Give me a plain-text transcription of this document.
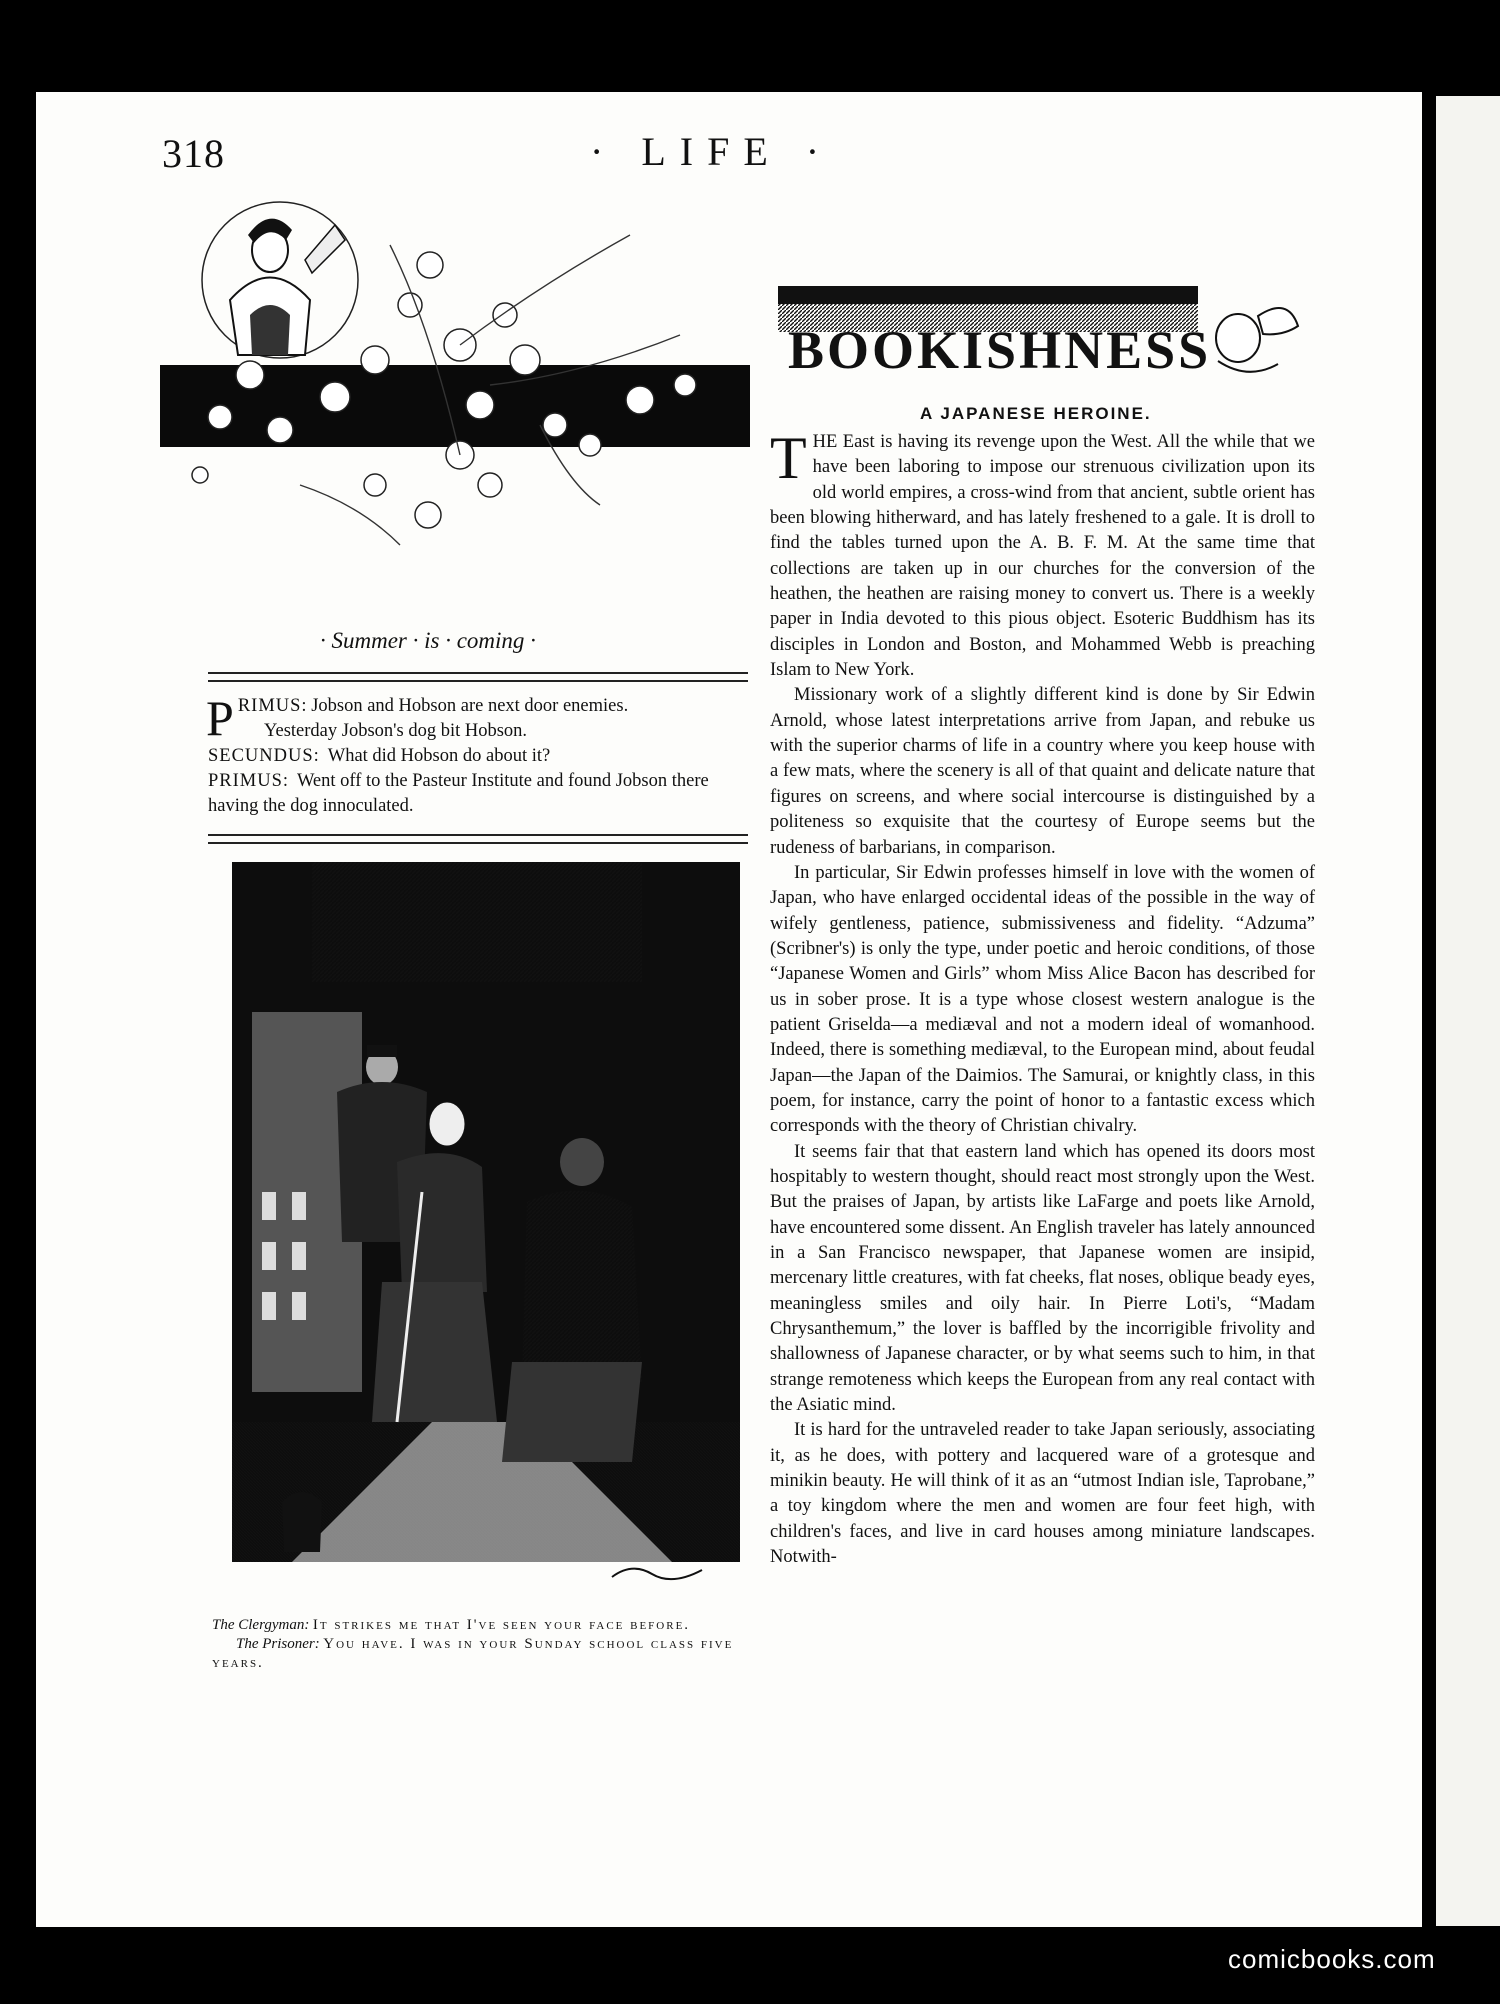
318	· LIFE ·
· Summer · is · coming ·

PRIMUS: Jobson and Hobson are next door enemies.

Yesterday Jobson's dog bit Hobson.

SECUNDUS:  What did Hobson do about it?

PRIMUS:  Went off to the Pasteur Institute and found Jobson there having the dog innoculated.

The Clergyman: It strikes me that I've seen your face before.

The Prisoner: You have. I was in your Sunday school class five years.

BOOKISHNESS
A JAPANESE HEROINE.

THE East is having its revenge upon the West. All the while that we have been laboring to impose our strenuous civilization upon its old world empires, a cross-wind from that ancient, subtle orient has been blowing hitherward, and has lately freshened to a gale. It is droll to find the tables turned upon the A. B. F. M. At the same time that collections are taken up in our churches for the conversion of the heathen, the heathen are raising money to convert us. There is a weekly paper in India devoted to this pious object. Esoteric Buddhism has its disciples in London and Boston, and Mohammed Webb is preaching Islam to New York.

Missionary work of a slightly different kind is done by Sir Edwin Arnold, whose latest interpretations arrive from Japan, and rebuke us with the superior charms of life in a country where you keep house with a few mats, where the scenery is all of that quaint and delicate nature that figures on screens, and where social intercourse is distinguished by a politeness so exquisite that the courtesy of Europe seems but the rudeness of barbarians, in comparison.

In particular, Sir Edwin professes himself in love with the women of Japan, who have enlarged occidental ideas of the possible in the way of wifely gentleness, patience, submissiveness and fidelity. “Adzuma” (Scribner's) is only the type, under poetic and heroic conditions, of those “Japanese Women and Girls” whom Miss Alice Bacon has described for us in sober prose. It is a type whose closest western analogue is the patient Griselda—a mediæval and not a modern ideal of womanhood. Indeed, there is something mediæval, to the European mind, about feudal Japan—the Japan of the Daimios. The Samurai, or knightly class, in this poem, for instance, carry the point of honor to a fantastic excess which corresponds with the theory of Christian chivalry.

It seems fair that that eastern land which has opened its doors most hospitably to western thought, should react most strongly upon the West. But the praises of Japan, by artists like LaFarge and poets like Arnold, have encountered some dissent. An English traveler has lately announced in a San Francisco newspaper, that Japanese women are insipid, mercenary little creatures, with fat cheeks, flat noses, oblique beady eyes, meaningless smiles and oily hair. In Pierre Loti's, “Madam Chrysanthemum,” the lover is baffled by the incorrigible frivolity and shallowness of Japanese character, or by what seems such to him, in that strange remoteness which keeps the European from any real contact with the Asiatic mind.

It is hard for the untraveled reader to take Japan seriously, associating it, as he does, with pottery and lacquered ware of a grotesque and minikin beauty. He will think of it as an “utmost Indian isle, Taprobane,” a toy kingdom where the men and women are four feet high, with children's faces, and live in card houses among miniature landscapes. Notwith-

comicbooks.com
